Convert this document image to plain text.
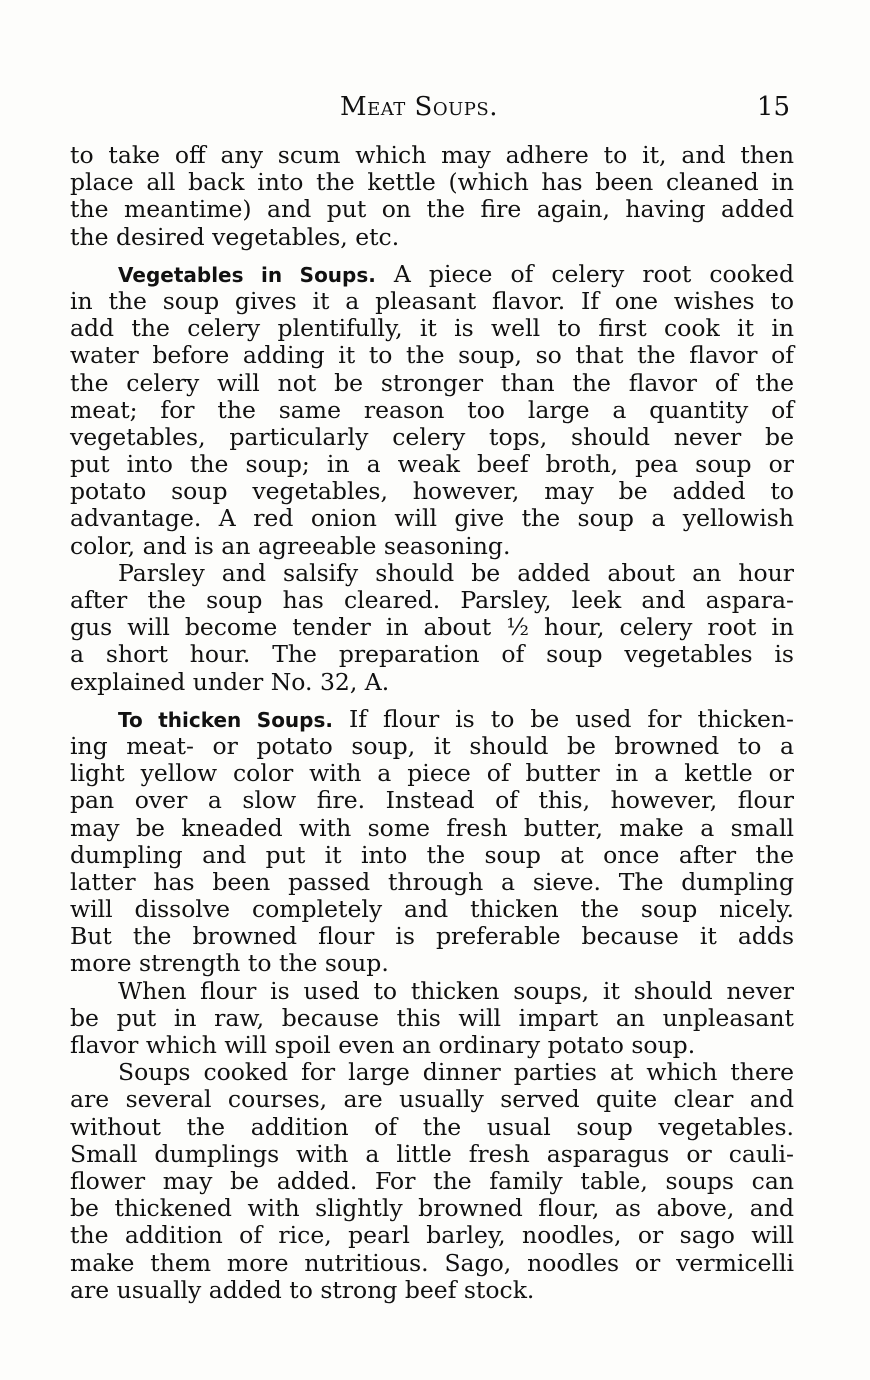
Meat Soups.	15
to take off any scum which may adhere to it, and then
place all back into the kettle (which has been cleaned in
the meantime) and put on the fire again, having added
the desired vegetables, etc.
Vegetables in Soups. A piece of celery root cooked
in the soup gives it a pleasant flavor. If one wishes to
add the celery plentifully, it is well to first cook it in
water before adding it to the soup, so that the flavor of
the celery will not be stronger than the flavor of the
meat; for the same reason too large a quantity of
vegetables, particularly celery tops, should never be
put into the soup; in a weak beef broth, pea soup or
potato soup vegetables, however, may be added to
advantage. A red onion will give the soup a yellowish
color, and is an agreeable seasoning.
Parsley and salsify should be added about an hour
after the soup has cleared. Parsley, leek and aspara-
gus will become tender in about ½ hour, celery root in
a short hour. The preparation of soup vegetables is
explained under No. 32, A.
To thicken Soups. If flour is to be used for thicken-
ing meat- or potato soup, it should be browned to a
light yellow color with a piece of butter in a kettle or
pan over a slow fire. Instead of this, however, flour
may be kneaded with some fresh butter, make a small
dumpling and put it into the soup at once after the
latter has been passed through a sieve. The dumpling
will dissolve completely and thicken the soup nicely.
But the browned flour is preferable because it adds
more strength to the soup.
When flour is used to thicken soups, it should never
be put in raw, because this will impart an unpleasant
flavor which will spoil even an ordinary potato soup.
Soups cooked for large dinner parties at which there
are several courses, are usually served quite clear and
without the addition of the usual soup vegetables.
Small dumplings with a little fresh asparagus or cauli-
flower may be added. For the family table, soups can
be thickened with slightly browned flour, as above, and
the addition of rice, pearl barley, noodles, or sago will
make them more nutritious. Sago, noodles or vermicelli
are usually added to strong beef stock.
